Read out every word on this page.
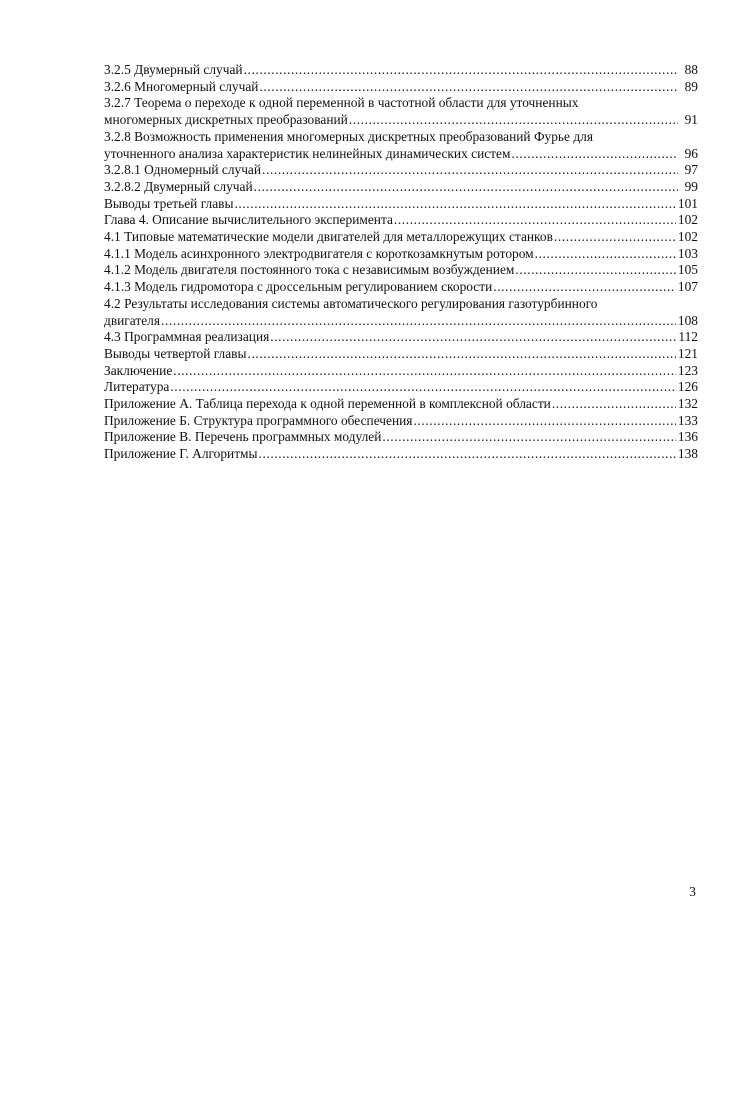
3.2.5 Двумерный случай .....	88
3.2.6 Многомерный случай .....	89
3.2.7 Теорема о переходе к одной переменной в частотной области для уточненных
многомерных дискретных преобразований .....	91
3.2.8 Возможность применения многомерных дискретных преобразований Фурье для
уточненного анализа характеристик нелинейных динамических систем .....	96
3.2.8.1 Одномерный случай .....	97
3.2.8.2 Двумерный случай .....	99
Выводы третьей главы .....	101
Глава 4. Описание вычислительного эксперимента .....	102
4.1 Типовые математические модели двигателей для металлорежущих станков .....	102
4.1.1 Модель асинхронного электродвигателя с короткозамкнутым ротором .....	103
4.1.2 Модель двигателя постоянного тока с независимым возбуждением .....	105
4.1.3 Модель гидромотора с дроссельным регулированием скорости .....	107
4.2 Результаты исследования системы автоматического регулирования газотурбинного
двигателя .....	108
4.3 Программная реализация .....	112
Выводы четвертой главы .....	121
Заключение .....	123
Литература .....	126
Приложение А. Таблица перехода к одной переменной в комплексной области .....	132
Приложение Б. Структура программного обеспечения .....	133
Приложение В. Перечень программных модулей .....	136
Приложение Г. Алгоритмы .....	138
3
